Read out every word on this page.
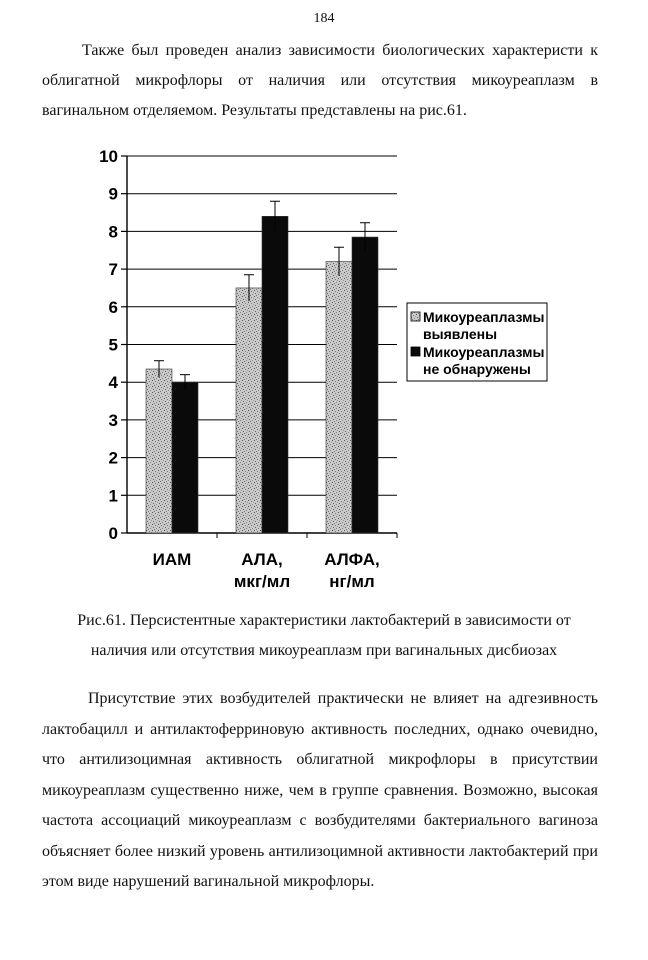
184

Также был проведен анализ зависимости биологических характеристи к облигатной микрофлоры от наличия или отсутствия микоуреаплазм в вагинальном отделяемом. Результаты представлены на рис.61.

0
1
2
3
4
5
6
7
8
9
10
ИАМ	АЛА,
мкг/мл
АЛФА,
нг/мл
Микоуреаплазмы
выявлены
Микоуреаплазмы
не обнаружены
Рис.61. Персистентные характеристики лактобактерий в зависимости от
наличия или отсутствия микоуреаплазм при вагинальных дисбиозах

Присутствие этих возбудителей практически не влияет на адгезивность лактобацилл и антилактоферриновую активность последних, однако очевидно, что антилизоцимная активность облигатной микрофлоры в присутствии микоуреаплазм существенно ниже, чем в группе сравнения. Возможно, высокая частота ассоциаций микоуреаплазм с возбудителями бактериального вагиноза объясняет более низкий уровень антилизоцимной активности лактобактерий при этом виде нарушений вагинальной микрофлоры.
